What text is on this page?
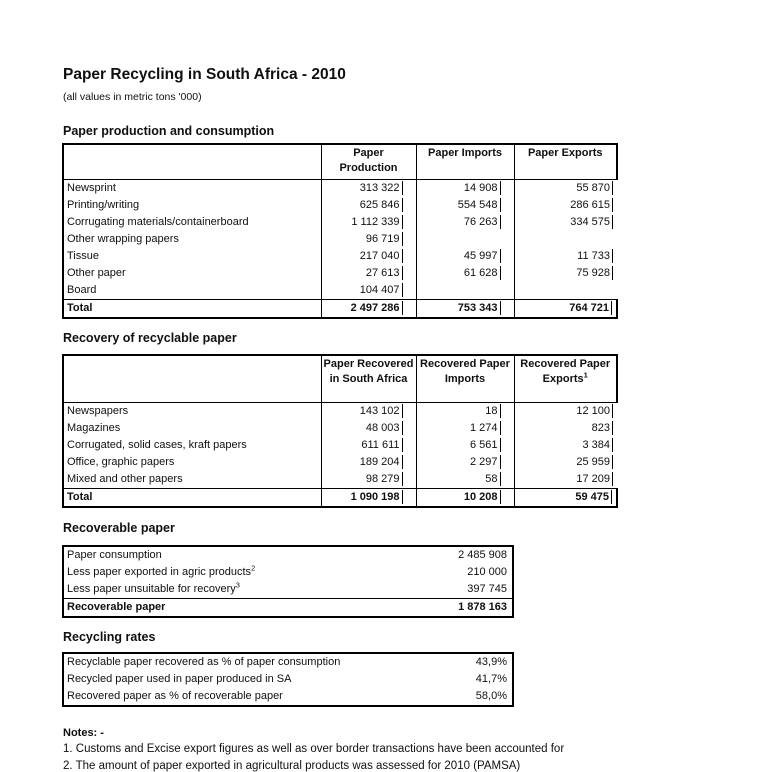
Paper Recycling in South Africa - 2010
(all values in metric tons '000)
Paper production and consumption
	Paper Production	Paper Imports	Paper Exports
Newsprint	313 322	14 908	55 870
Printing/writing	625 846	554 548	286 615
Corrugating materials/containerboard	1 112 339	76 263	334 575
Other wrapping papers	96 719		
Tissue	217 040	45 997	11 733
Other paper	27 613	61 628	75 928
Board	104 407		
Total	2 497 286	753 343	764 721
Recovery of recyclable paper
	Paper Recovered in South Africa	Recovered Paper Imports	Recovered Paper Exports$^1$
Newspapers	143 102	18	12 100
Magazines	48 003	1 274	823
Corrugated, solid cases, kraft papers	611 611	6 561	3 384
Office, graphic papers	189 204	2 297	25 959
Mixed and other papers	98 279	58	17 209
Total	1 090 198	10 208	59 475
Recoverable paper
Paper consumption	2 485 908
Less paper exported in agric products$^2$	210 000
Less paper unsuitable for recovery$^3$	397 745
Recoverable paper	1 878 163
Recycling rates
Recyclable paper recovered as % of paper consumption	43,9%
Recycled paper used in paper produced in SA	41,7%
Recovered paper as % of recoverable paper	58,0%
Notes: -
1. Customs and Excise export figures as well as over border transactions have been accounted for
2. The amount of paper exported in agricultural products was assessed for 2010 (PAMSA)
